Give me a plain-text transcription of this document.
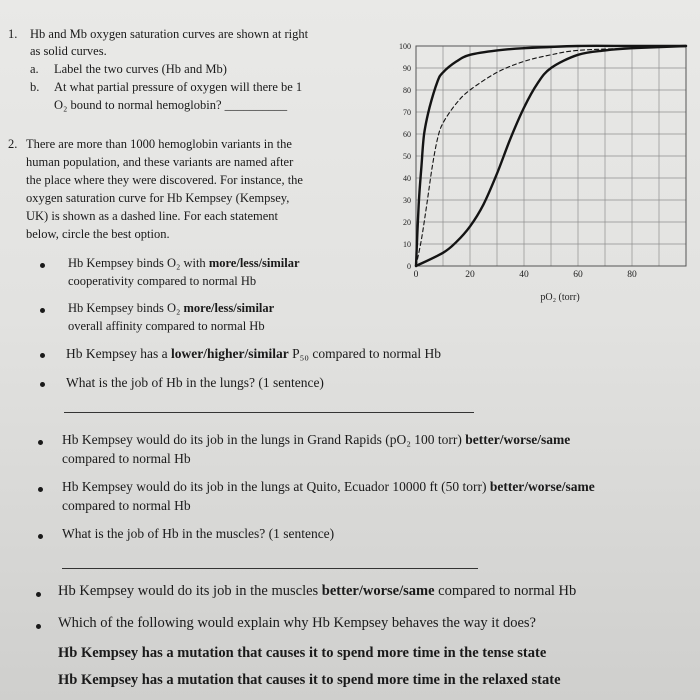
1. Hb and Mb oxygen saturation curves are shown at right
as solid curves.
a. Label the two curves (Hb and Mb)
b. At what partial pressure of oxygen will there be 1
O₂ bound to normal hemoglobin? __________
2. There are more than 1000 hemoglobin variants in the
human population, and these variants are named after
the place where they were discovered. For instance, the
oxygen saturation curve for Hb Kempsey (Kempsey,
UK) is shown as a dashed line. For each statement
below, circle the best option.
Hb Kempsey binds O₂ with more/less/similar
cooperativity compared to normal Hb
Hb Kempsey binds O₂ more/less/similar
overall affinity compared to normal Hb
Hb Kempsey has a lower/higher/similar P₅₀ compared to normal Hb
What is the job of Hb in the lungs? (1 sentence)
Hb Kempsey would do its job in the lungs in Grand Rapids (pO₂ 100 torr) better/worse/same
compared to normal Hb
Hb Kempsey would do its job in the lungs at Quito, Ecuador 10000 ft (50 torr) better/worse/same
compared to normal Hb
What is the job of Hb in the muscles? (1 sentence)
Hb Kempsey would do its job in the muscles better/worse/same compared to normal Hb
Which of the following would explain why Hb Kempsey behaves the way it does?
Hb Kempsey has a mutation that causes it to spend more time in the tense state
Hb Kempsey has a mutation that causes it to spend more time in the relaxed state
0
10
20
30
40
50
60
70
80
90
100
0	20	40	60	80
pO₂ (torr)
